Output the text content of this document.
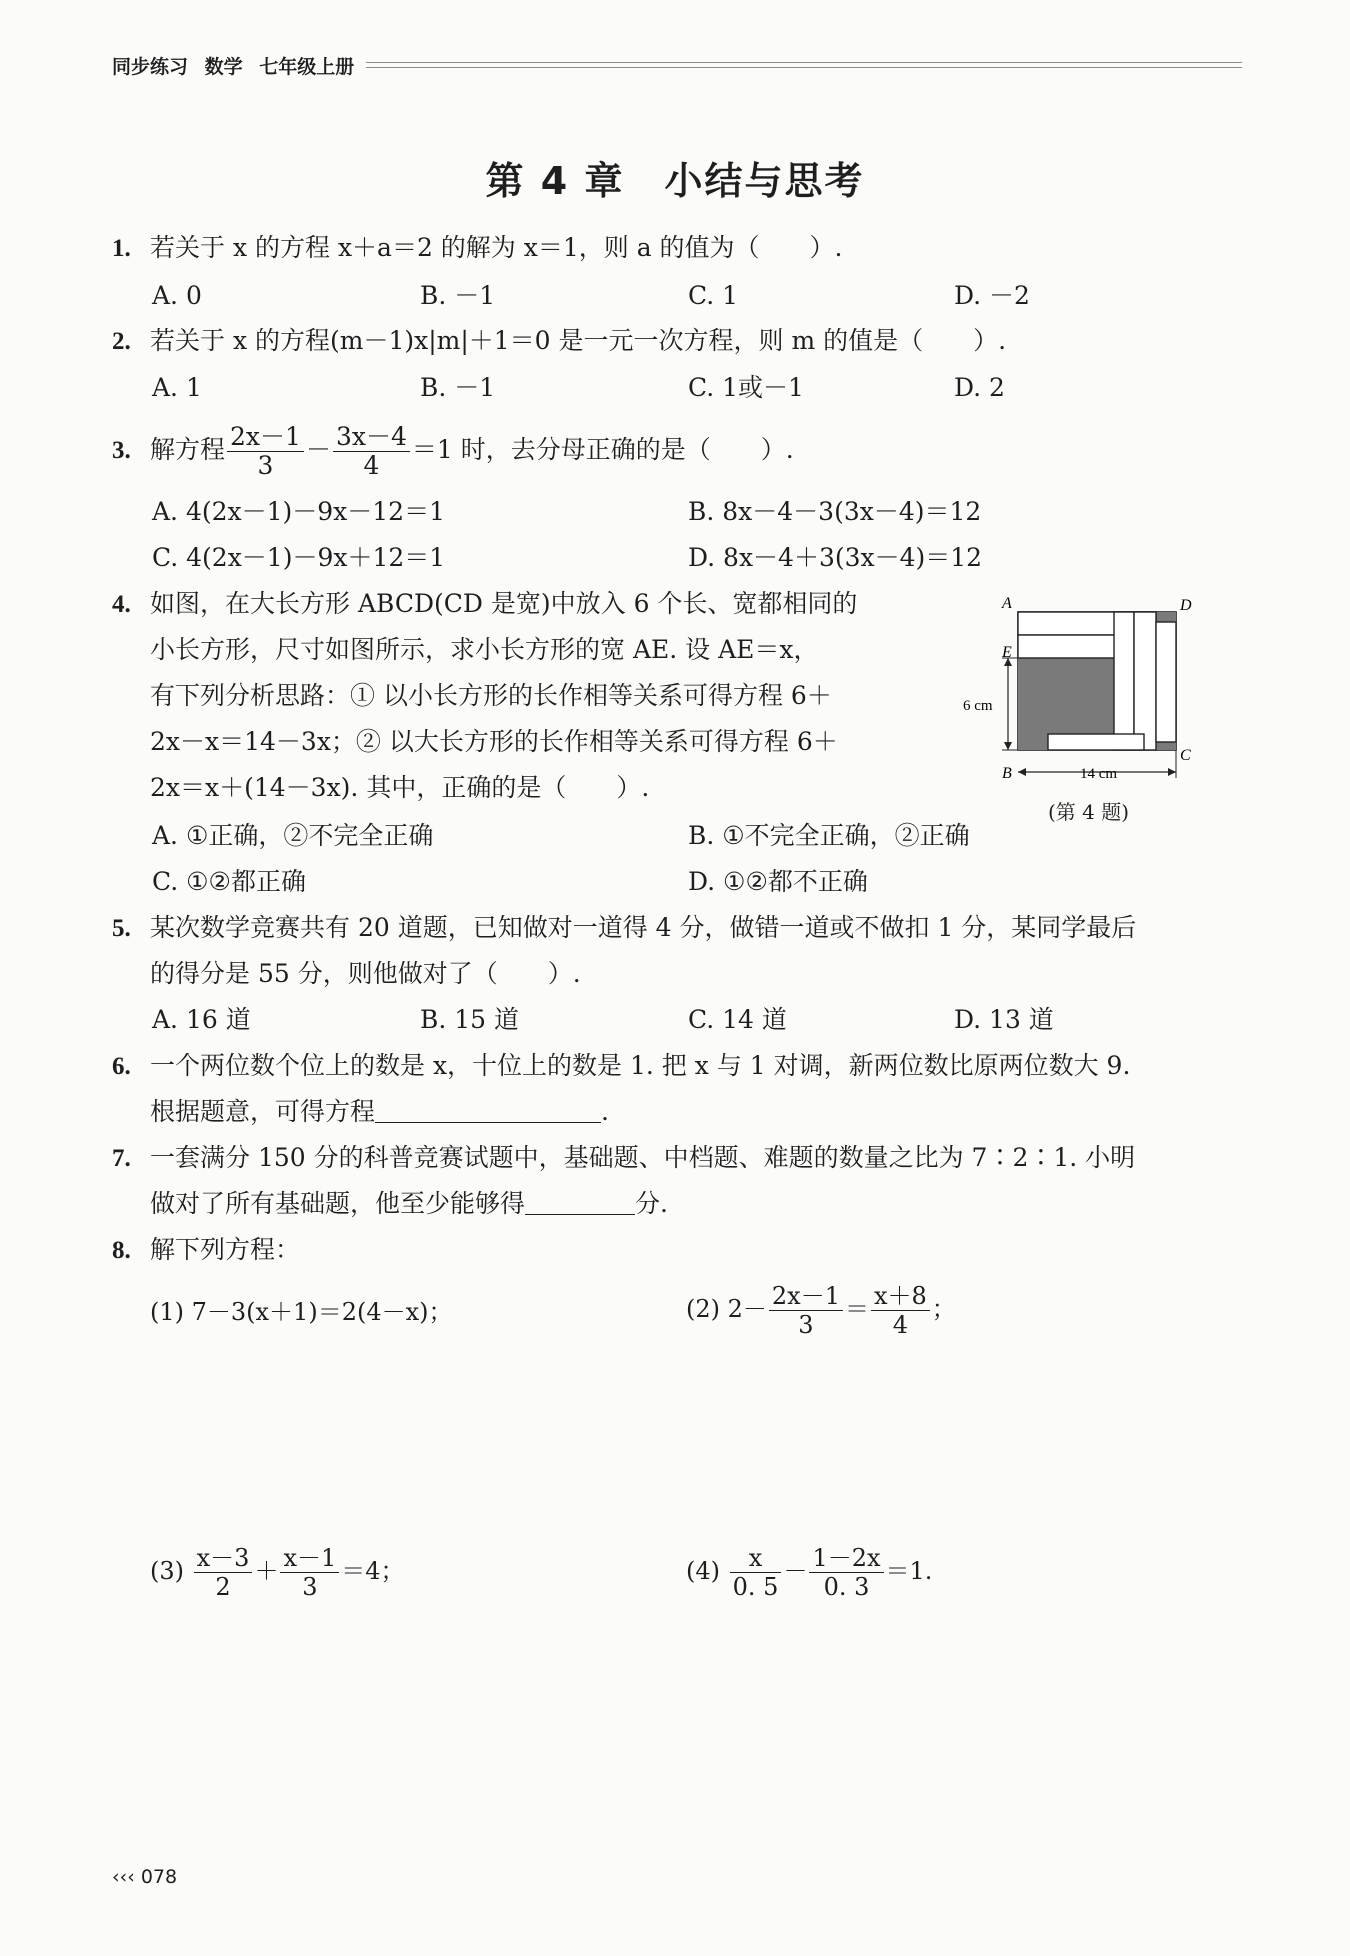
同步练习 数学 七年级上册
第 4 章　小结与思考
1. 若关于 x 的方程 x＋a＝2 的解为 x＝1，则 a 的值为（　　）.
A. 0	B. －1	C. 1	D. －2
2. 若关于 x 的方程(m－1)x|m|＋1＝0 是一元一次方程，则 m 的值是（　　）.
A. 1	B. －1	C. 1或－1	D. 2
3. 解方程 $\frac{2x-1}{3} - \frac{3x-4}{4} =1$ 时，去分母正确的是（　　）.
A. 4(2x－1)－9x－12＝1	B. 8x－4－3(3x－4)＝12
C. 4(2x－1)－9x＋12＝1	D. 8x－4＋3(3x－4)＝12
4. 如图，在大长方形 ABCD(CD 是宽)中放入 6 个长、宽都相同的
小长方形，尺寸如图所示，求小长方形的宽 AE. 设 AE＝x，
有下列分析思路：① 以小长方形的长作相等关系可得方程 6＋
2x－x＝14－3x；② 以大长方形的长作相等关系可得方程 6＋
2x＝x＋(14－3x). 其中，正确的是（　　）.
A
E
B
C
D
6 cm
14 cm
(第 4 题)
A. ①正确，②不完全正确	B. ①不完全正确，②正确
C. ①②都正确	D. ①②都不正确
5. 某次数学竞赛共有 20 道题，已知做对一道得 4 分，做错一道或不做扣 1 分，某同学最后
的得分是 55 分，则他做对了（　　）.
A. 16 道	B. 15 道	C. 14 道	D. 13 道
6. 一个两位数个位上的数是 x，十位上的数是 1. 把 x 与 1 对调，新两位数比原两位数大 9.
根据题意，可得方程	.
7. 一套满分 150 分的科普竞赛试题中，基础题、中档题、难题的数量之比为 7∶2∶1. 小明
做对了所有基础题，他至少能够得	分.
8. 解下列方程：
(1) 7－3(x＋1)＝2(4－x)；	(2) $2- \frac{2x-1}{3} = \frac{x+8}{4}$ ；
$(3) \frac{x-3}{2} + \frac{x-1}{3} =4$；	$(4) \frac{x}{0. 5} - \frac{1-2x}{0. 3} =1$.
‹‹‹ 078
